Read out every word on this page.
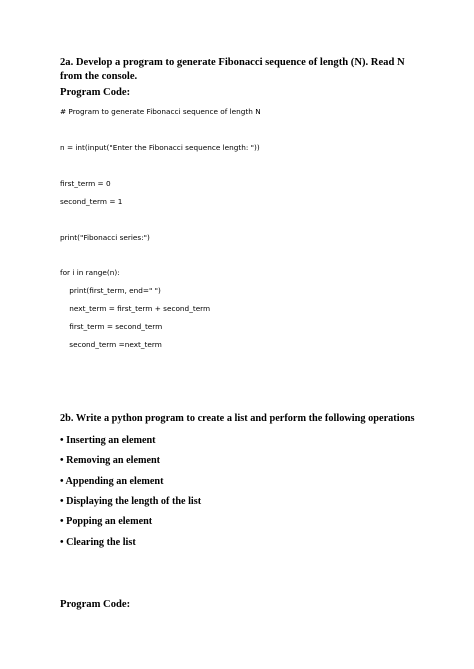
2a. Develop a program to generate Fibonacci sequence of length (N). Read N from the console.
Program Code:
# Program to generate Fibonacci sequence of length N
n = int(input("Enter the Fibonacci sequence length: "))
first_term = 0
second_term = 1
print("Fibonacci series:")
for i in range(n):
print(first_term, end=" ")
next_term = first_term + second_term
first_term = second_term
second_term =next_term
2b. Write a python program to create a list and perform the following operations
• Inserting an element
• Removing an element
• Appending an element
• Displaying the length of the list
• Popping an element
• Clearing the list
Program Code:
